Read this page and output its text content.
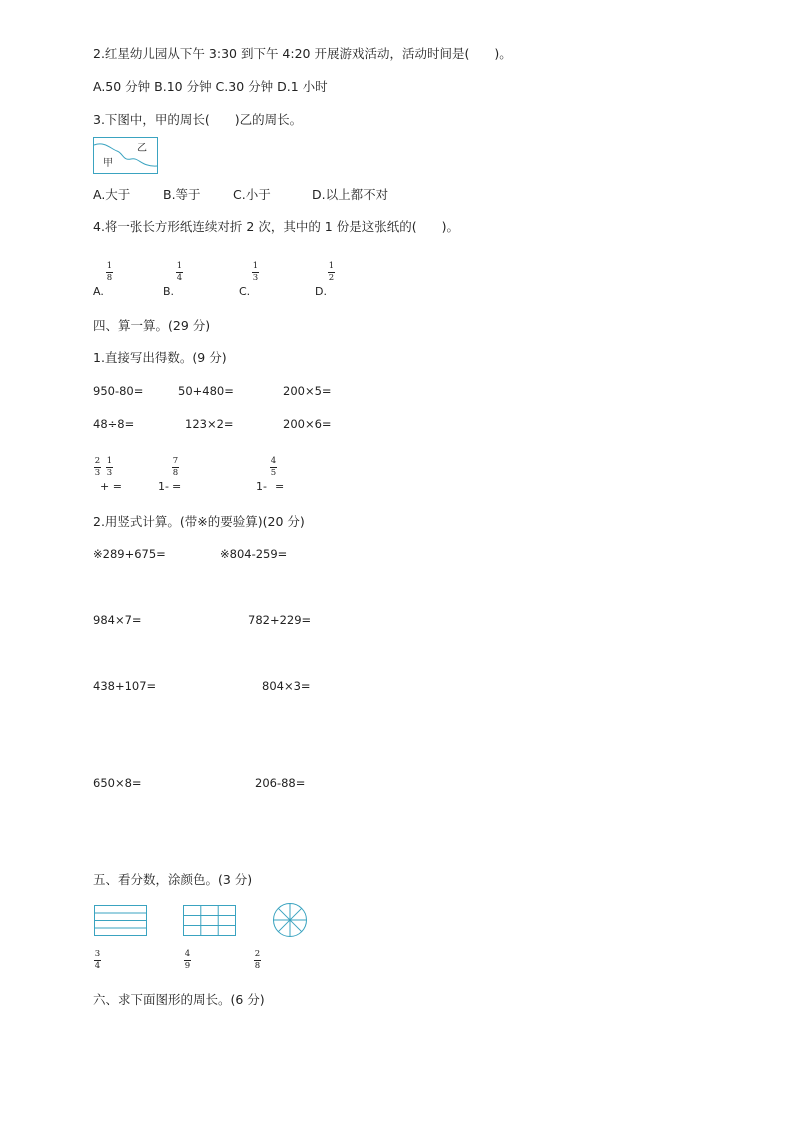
2.红星幼儿园从下午 3:30 到下午 4:20 开展游戏活动，活动时间是(　　)。
A.50 分钟 B.10 分钟 C.30 分钟 D.1 小时
3.下图中，甲的周长(　　)乙的周长。
甲
乙
A.大于	B.等于	C.小于	D.以上都不对
4.将一张长方形纸连续对折 2 次，其中的 1 份是这张纸的(　　)。
A.
1
8
B.
1
4
C.
1
3
D.
1
2
四、算一算。(29 分)
1.直接写出得数。(9 分)
950-80=	50+480=	200×5=
48÷8=	123×2=	200×6=
2
3
1
3
+ =	1-
7
8
=	1-
4
5
=
2.用竖式计算。(带※的要验算)(20 分)
※289+675=	※804-259=
984×7=	782+229=
438+107=	804×3=
650×8=	206-88=
五、看分数，涂颜色。(3 分)
3
4
4
9
2
8
六、求下面图形的周长。(6 分)
